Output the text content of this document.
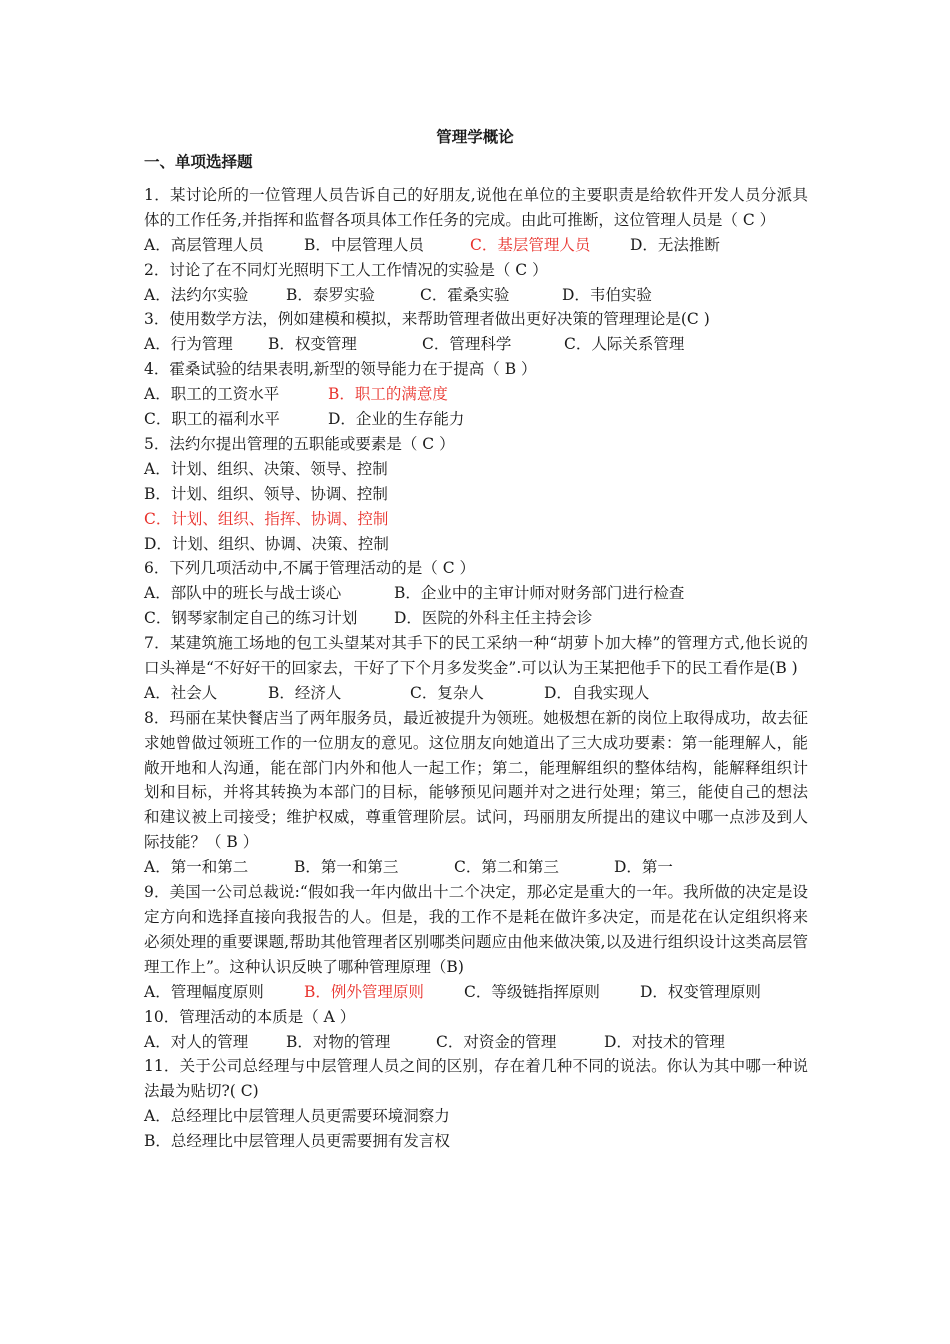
管理学概论
一、单项选择题
1．某讨论所的一位管理人员告诉自己的好朋友,说他在单位的主要职责是给软件开发人员分派具体的工作任务,并指挥和监督各项具体工作任务的完成。由此可推断，这位管理人员是（ C ）
A．高层管理人员	B．中层管理人员	C．基层管理人员	D．无法推断
2．讨论了在不同灯光照明下工人工作情况的实验是（ C ）
A．法约尔实验 B．泰罗实验	C．霍桑实验	D．韦伯实验
3．使用数学方法，例如建模和模拟，来帮助管理者做出更好决策的管理理论是(C )
A．行为管理 B．权变管理	C．管理科学	C．人际关系管理
4．霍桑试验的结果表明,新型的领导能力在于提高（ B ）
A．职工的工资水平	B．职工的满意度
C．职工的福利水平	D．企业的生存能力
5．法约尔提出管理的五职能或要素是（ C ）
A．计划、组织、决策、领导、控制
B．计划、组织、领导、协调、控制
C．计划、组织、指挥、协调、控制
D．计划、组织、协调、决策、控制
6．下列几项活动中,不属于管理活动的是（ C ）
A．部队中的班长与战士谈心	B．企业中的主审计师对财务部门进行检查
C．钢琴家制定自己的练习计划 D．医院的外科主任主持会诊
7．某建筑施工场地的包工头望某对其手下的民工采纳一种“胡萝卜加大棒”的管理方式,他长说的口头禅是“不好好干的回家去，干好了下个月多发奖金”.可以认为王某把他手下的民工看作是(B )
A．社会人	B．经济人	C．复杂人	D．自我实现人
8．玛丽在某快餐店当了两年服务员，最近被提升为领班。她极想在新的岗位上取得成功，故去征求她曾做过领班工作的一位朋友的意见。这位朋友向她道出了三大成功要素：第一能理解人，能敞开地和人沟通，能在部门内外和他人一起工作；第二，能理解组织的整体结构，能解释组织计划和目标，并将其转换为本部门的目标，能够预见问题并对之进行处理；第三，能使自己的想法和建议被上司接受；维护权威，尊重管理阶层。试问，玛丽朋友所提出的建议中哪一点涉及到人际技能？（ B ）
A．第一和第二	B．第一和第三	C．第二和第三	D．第一
9．美国一公司总裁说:“假如我一年内做出十二个决定，那必定是重大的一年。我所做的决定是设定方向和选择直接向我报告的人。但是，我的工作不是耗在做许多决定，而是花在认定组织将来必须处理的重要课题,帮助其他管理者区别哪类问题应由他来做决策,以及进行组织设计这类高层管理工作上”。这种认识反映了哪种管理原理（B)
A．管理幅度原则	B．例外管理原则	C．等级链指挥原则	D．权变管理原则
10．管理活动的本质是（ A ）
A．对人的管理 B．对物的管理	C．对资金的管理	D．对技术的管理
11．关于公司总经理与中层管理人员之间的区别，存在着几种不同的说法。你认为其中哪一种说法最为贴切?( C)
A．总经理比中层管理人员更需要环境洞察力
B．总经理比中层管理人员更需要拥有发言权
